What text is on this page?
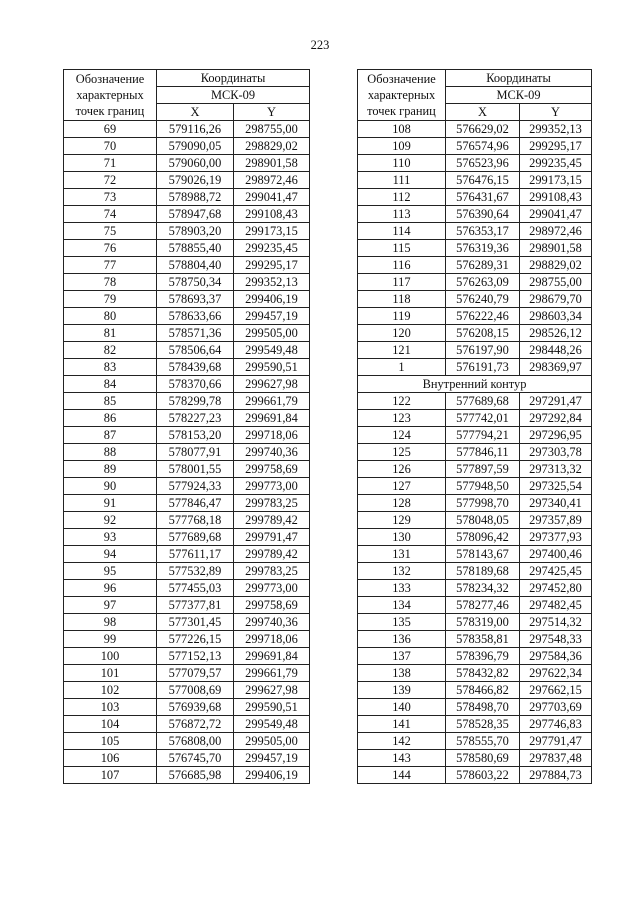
223
Обозначение
характерных
точек границ	Координаты	
	МСК-09	
	X	Y
69	579116,26	298755,00
70	579090,05	298829,02
71	579060,00	298901,58
72	579026,19	298972,46
73	578988,72	299041,47
74	578947,68	299108,43
75	578903,20	299173,15
76	578855,40	299235,45
77	578804,40	299295,17
78	578750,34	299352,13
79	578693,37	299406,19
80	578633,66	299457,19
81	578571,36	299505,00
82	578506,64	299549,48
83	578439,68	299590,51
84	578370,66	299627,98
85	578299,78	299661,79
86	578227,23	299691,84
87	578153,20	299718,06
88	578077,91	299740,36
89	578001,55	299758,69
90	577924,33	299773,00
91	577846,47	299783,25
92	577768,18	299789,42
93	577689,68	299791,47
94	577611,17	299789,42
95	577532,89	299783,25
96	577455,03	299773,00
97	577377,81	299758,69
98	577301,45	299740,36
99	577226,15	299718,06
100	577152,13	299691,84
101	577079,57	299661,79
102	577008,69	299627,98
103	576939,68	299590,51
104	576872,72	299549,48
105	576808,00	299505,00
106	576745,70	299457,19
107	576685,98	299406,19
Обозначение
характерных
точек границ	Координаты	
	МСК-09	
	X	Y
108	576629,02	299352,13
109	576574,96	299295,17
110	576523,96	299235,45
111	576476,15	299173,15
112	576431,67	299108,43
113	576390,64	299041,47
114	576353,17	298972,46
115	576319,36	298901,58
116	576289,31	298829,02
117	576263,09	298755,00
118	576240,79	298679,70
119	576222,46	298603,34
120	576208,15	298526,12
121	576197,90	298448,26
1	576191,73	298369,97
Внутренний контур		
122	577689,68	297291,47
123	577742,01	297292,84
124	577794,21	297296,95
125	577846,11	297303,78
126	577897,59	297313,32
127	577948,50	297325,54
128	577998,70	297340,41
129	578048,05	297357,89
130	578096,42	297377,93
131	578143,67	297400,46
132	578189,68	297425,45
133	578234,32	297452,80
134	578277,46	297482,45
135	578319,00	297514,32
136	578358,81	297548,33
137	578396,79	297584,36
138	578432,82	297622,34
139	578466,82	297662,15
140	578498,70	297703,69
141	578528,35	297746,83
142	578555,70	297791,47
143	578580,69	297837,48
144	578603,22	297884,73
